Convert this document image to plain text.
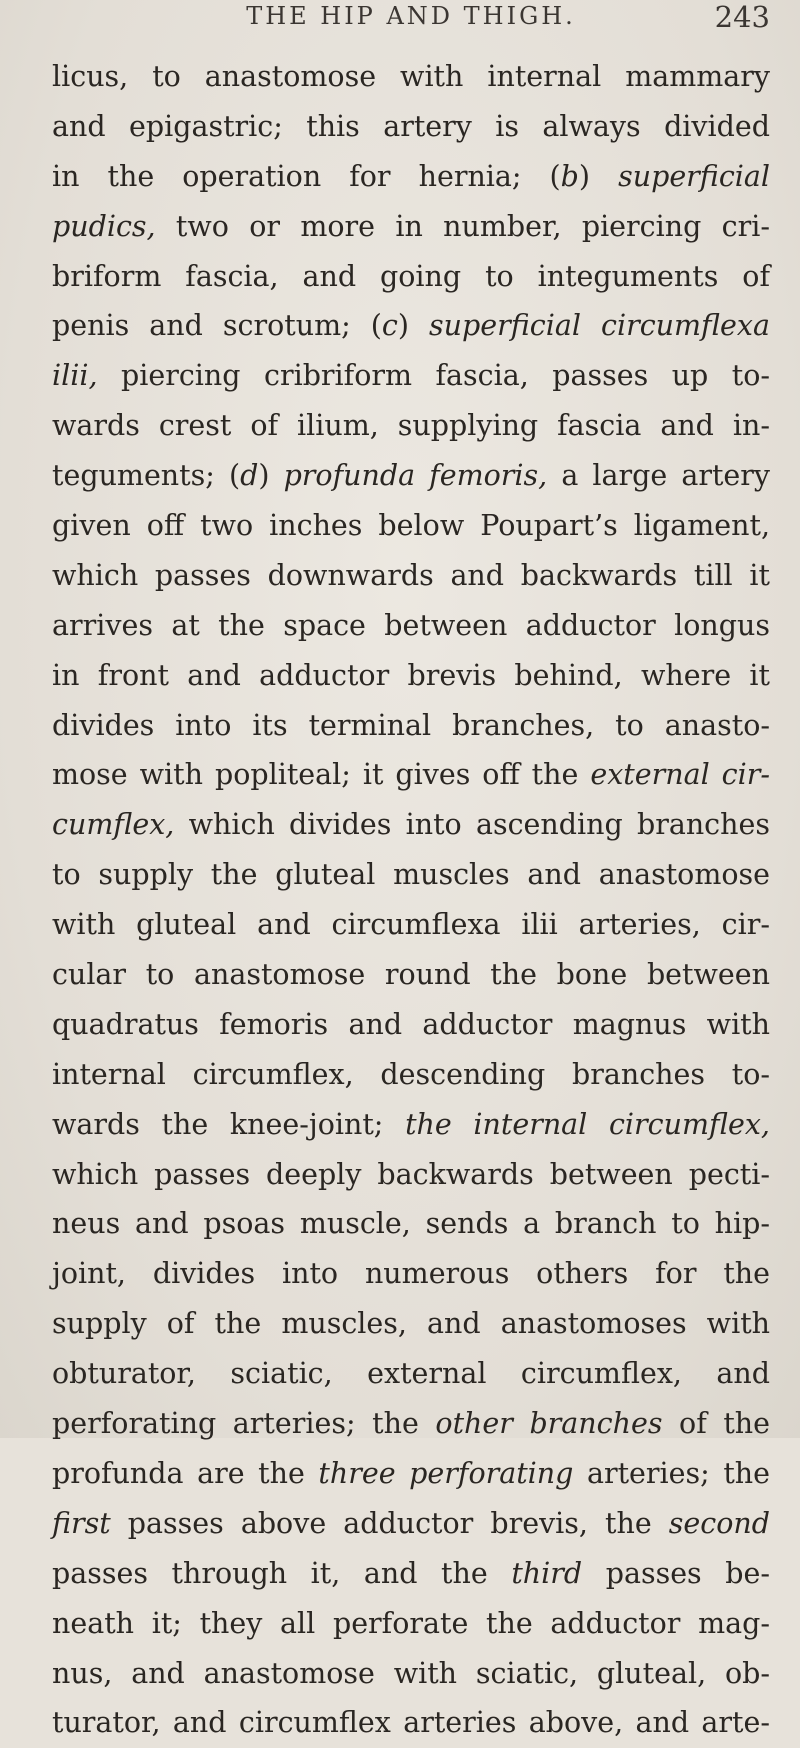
THE HIP AND THIGH.	243

licus, to anastomose with internal mammary
and epigastric; this artery is always divided
in the operation for hernia; (b) superficial
pudics, two or more in number, piercing cri-
briform fascia, and going to integuments of
penis and scrotum; (c) superficial circumflexa
ilii, piercing cribriform fascia, passes up to-
wards crest of ilium, supplying fascia and in-
teguments; (d) profunda femoris, a large artery
given off two inches below Poupart’s ligament,
which passes downwards and backwards till it
arrives at the space between adductor longus
in front and adductor brevis behind, where it
divides into its terminal branches, to anasto-
mose with popliteal; it gives off the external cir-
cumflex, which divides into ascending branches
to supply the gluteal muscles and anastomose
with gluteal and circumflexa ilii arteries, cir-
cular to anastomose round the bone between
quadratus femoris and adductor magnus with
internal circumflex, descending branches to-
wards the knee-joint; the internal circumflex,
which passes deeply backwards between pecti-
neus and psoas muscle, sends a branch to hip-
joint, divides into numerous others for the
supply of the muscles, and anastomoses with
obturator, sciatic, external circumflex, and
perforating arteries; the other branches of the
profunda are the three perforating arteries; the
first passes above adductor brevis, the second
passes through it, and the third passes be-
neath it; they all perforate the adductor mag-
nus, and anastomose with sciatic, gluteal, ob-
turator, and circumflex arteries above, and arte-
